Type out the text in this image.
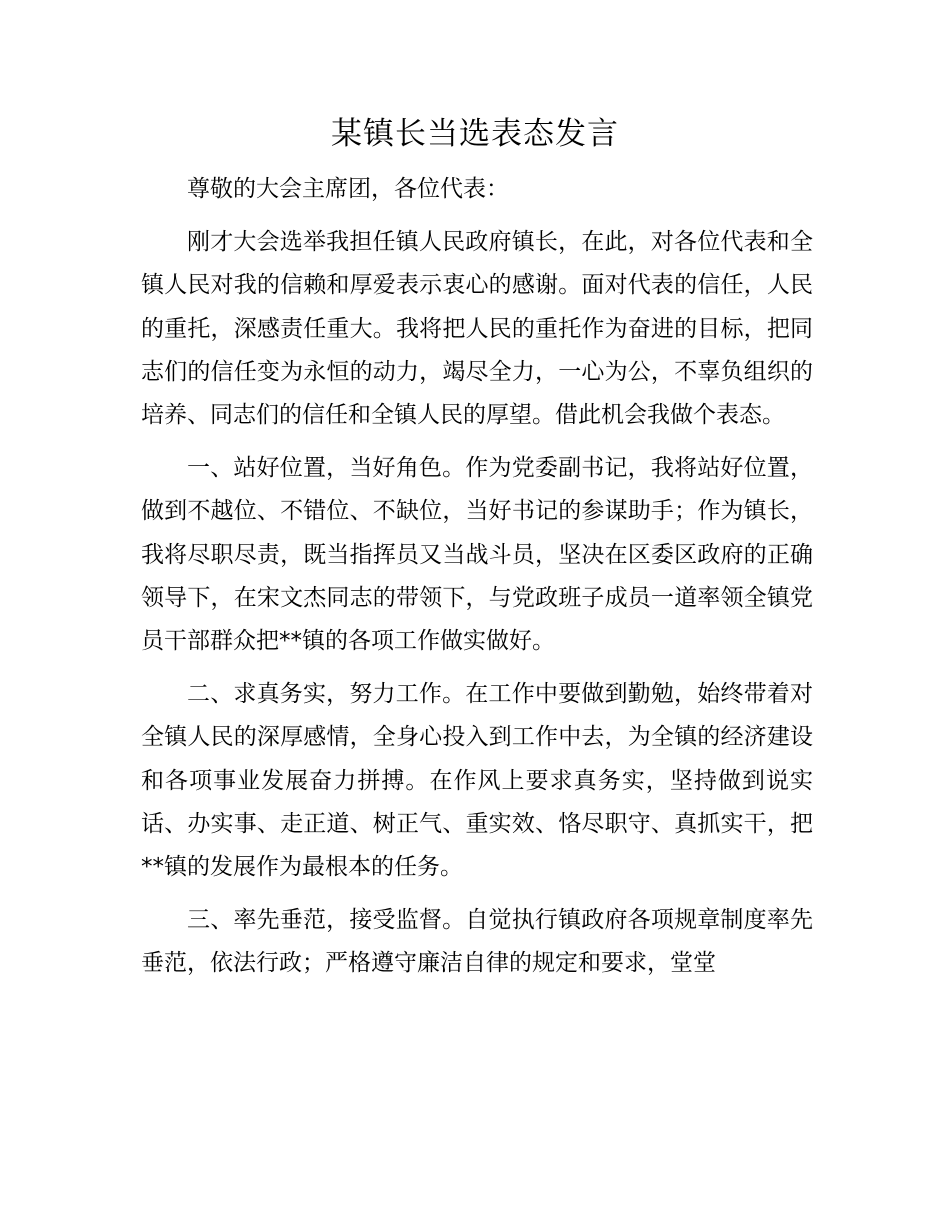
某镇长当选表态发言

尊敬的大会主席团，各位代表：

刚才大会选举我担任镇人民政府镇长，在此，对各位代表和全镇人民对我的信赖和厚爱表示衷心的感谢。面对代表的信任，人民的重托，深感责任重大。我将把人民的重托作为奋进的目标，把同志们的信任变为永恒的动力，竭尽全力，一心为公，不辜负组织的培养、同志们的信任和全镇人民的厚望。借此机会我做个表态。

一、站好位置，当好角色。作为党委副书记，我将站好位置，做到不越位、不错位、不缺位，当好书记的参谋助手；作为镇长，我将尽职尽责，既当指挥员又当战斗员，坚决在区委区政府的正确领导下，在宋文杰同志的带领下，与党政班子成员一道率领全镇党员干部群众把**镇的各项工作做实做好。

二、求真务实，努力工作。在工作中要做到勤勉，始终带着对全镇人民的深厚感情，全身心投入到工作中去，为全镇的经济建设和各项事业发展奋力拼搏。在作风上要求真务实，坚持做到说实话、办实事、走正道、树正气、重实效、恪尽职守、真抓实干，把**镇的发展作为最根本的任务。

三、率先垂范，接受监督。自觉执行镇政府各项规章制度率先垂范，依法行政；严格遵守廉洁自律的规定和要求，堂堂
